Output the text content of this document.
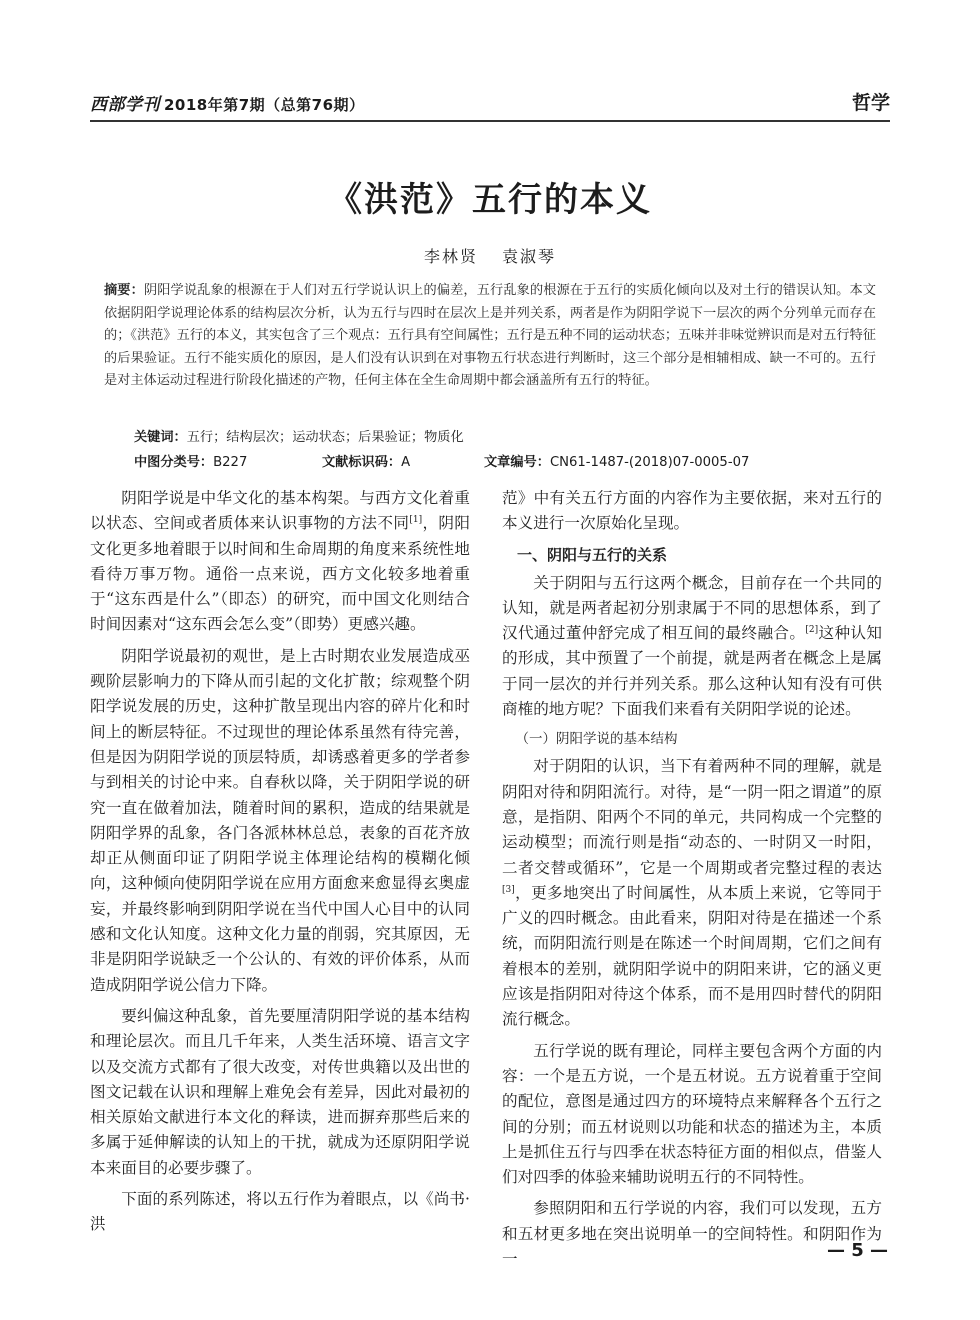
西部学刊 2018年第7期（总第76期）	哲学
《洪范》五行的本义
李林贤 袁淑琴
摘要：阴阳学说乱象的根源在于人们对五行学说认识上的偏差，五行乱象的根源在于五行的实质化倾向以及对土行的错误认知。本文依据阴阳学说理论体系的结构层次分析，认为五行与四时在层次上是并列关系，两者是作为阴阳学说下一层次的两个分列单元而存在的；《洪范》五行的本义，其实包含了三个观点：五行具有空间属性；五行是五种不同的运动状态；五味并非味觉辨识而是对五行特征的后果验证。五行不能实质化的原因，是人们没有认识到在对事物五行状态进行判断时，这三个部分是相辅相成、缺一不可的。五行是对主体运动过程进行阶段化描述的产物，任何主体在全生命周期中都会涵盖所有五行的特征。
关键词：五行；结构层次；运动状态；后果验证；物质化
中图分类号：B227	文献标识码：A	文章编号：CN61-1487-(2018)07-0005-07

阴阳学说是中华文化的基本构架。与西方文化着重以状态、空间或者质体来认识事物的方法不同[1]，阴阳文化更多地着眼于以时间和生命周期的角度来系统性地看待万事万物。通俗一点来说，西方文化较多地着重于“这东西是什么”（即态）的研究，而中国文化则结合时间因素对“这东西会怎么变”（即势）更感兴趣。

阴阳学说最初的观世，是上古时期农业发展造成巫觋阶层影响力的下降从而引起的文化扩散；综观整个阴阳学说发展的历史，这种扩散呈现出内容的碎片化和时间上的断层特征。不过现世的理论体系虽然有待完善，但是因为阴阳学说的顶层特质，却诱惑着更多的学者参与到相关的讨论中来。自春秋以降，关于阴阳学说的研究一直在做着加法，随着时间的累积，造成的结果就是阴阳学界的乱象，各门各派林林总总，表象的百花齐放却正从侧面印证了阴阳学说主体理论结构的模糊化倾向，这种倾向使阴阳学说在应用方面愈来愈显得玄奥虚妄，并最终影响到阴阳学说在当代中国人心目中的认同感和文化认知度。这种文化力量的削弱，究其原因，无非是阴阳学说缺乏一个公认的、有效的评价体系，从而造成阴阳学说公信力下降。

要纠偏这种乱象，首先要厘清阴阳学说的基本结构和理论层次。而且几千年来，人类生活环境、语言文字以及交流方式都有了很大改变，对传世典籍以及出世的图文记载在认识和理解上难免会有差异，因此对最初的相关原始文献进行本文化的释读，进而摒弃那些后来的多属于延伸解读的认知上的干扰，就成为还原阴阳学说本来面目的必要步骤了。

下面的系列陈述，将以五行作为着眼点，以《尚书·洪

范》中有关五行方面的内容作为主要依据，来对五行的本义进行一次原始化呈现。

一、阴阳与五行的关系

关于阴阳与五行这两个概念，目前存在一个共同的认知，就是两者起初分别隶属于不同的思想体系，到了汉代通过董仲舒完成了相互间的最终融合。[2]这种认知的形成，其中预置了一个前提，就是两者在概念上是属于同一层次的并行并列关系。那么这种认知有没有可供商榷的地方呢？下面我们来看有关阴阳学说的论述。

（一）阴阳学说的基本结构

对于阴阳的认识，当下有着两种不同的理解，就是阴阳对待和阴阳流行。对待，是“一阴一阳之谓道”的原意，是指阴、阳两个不同的单元，共同构成一个完整的运动模型；而流行则是指“动态的、一时阴又一时阳，二者交替或循环”，它是一个周期或者完整过程的表达[3]，更多地突出了时间属性，从本质上来说，它等同于广义的四时概念。由此看来，阴阳对待是在描述一个系统，而阴阳流行则是在陈述一个时间周期，它们之间有着根本的差别，就阴阳学说中的阴阳来讲，它的涵义更应该是指阴阳对待这个体系，而不是用四时替代的阴阳流行概念。

五行学说的既有理论，同样主要包含两个方面的内容：一个是五方说，一个是五材说。五方说着重于空间的配位，意图是通过四方的环境特点来解释各个五行之间的分别；而五材说则以功能和状态的描述为主，本质上是抓住五行与四季在状态特征方面的相似点，借鉴人们对四季的体验来辅助说明五行的不同特性。

参照阴阳和五行学说的内容，我们可以发现，五方和五材更多地在突出说明单一的空间特性。和阴阳作为一	— 5 —
